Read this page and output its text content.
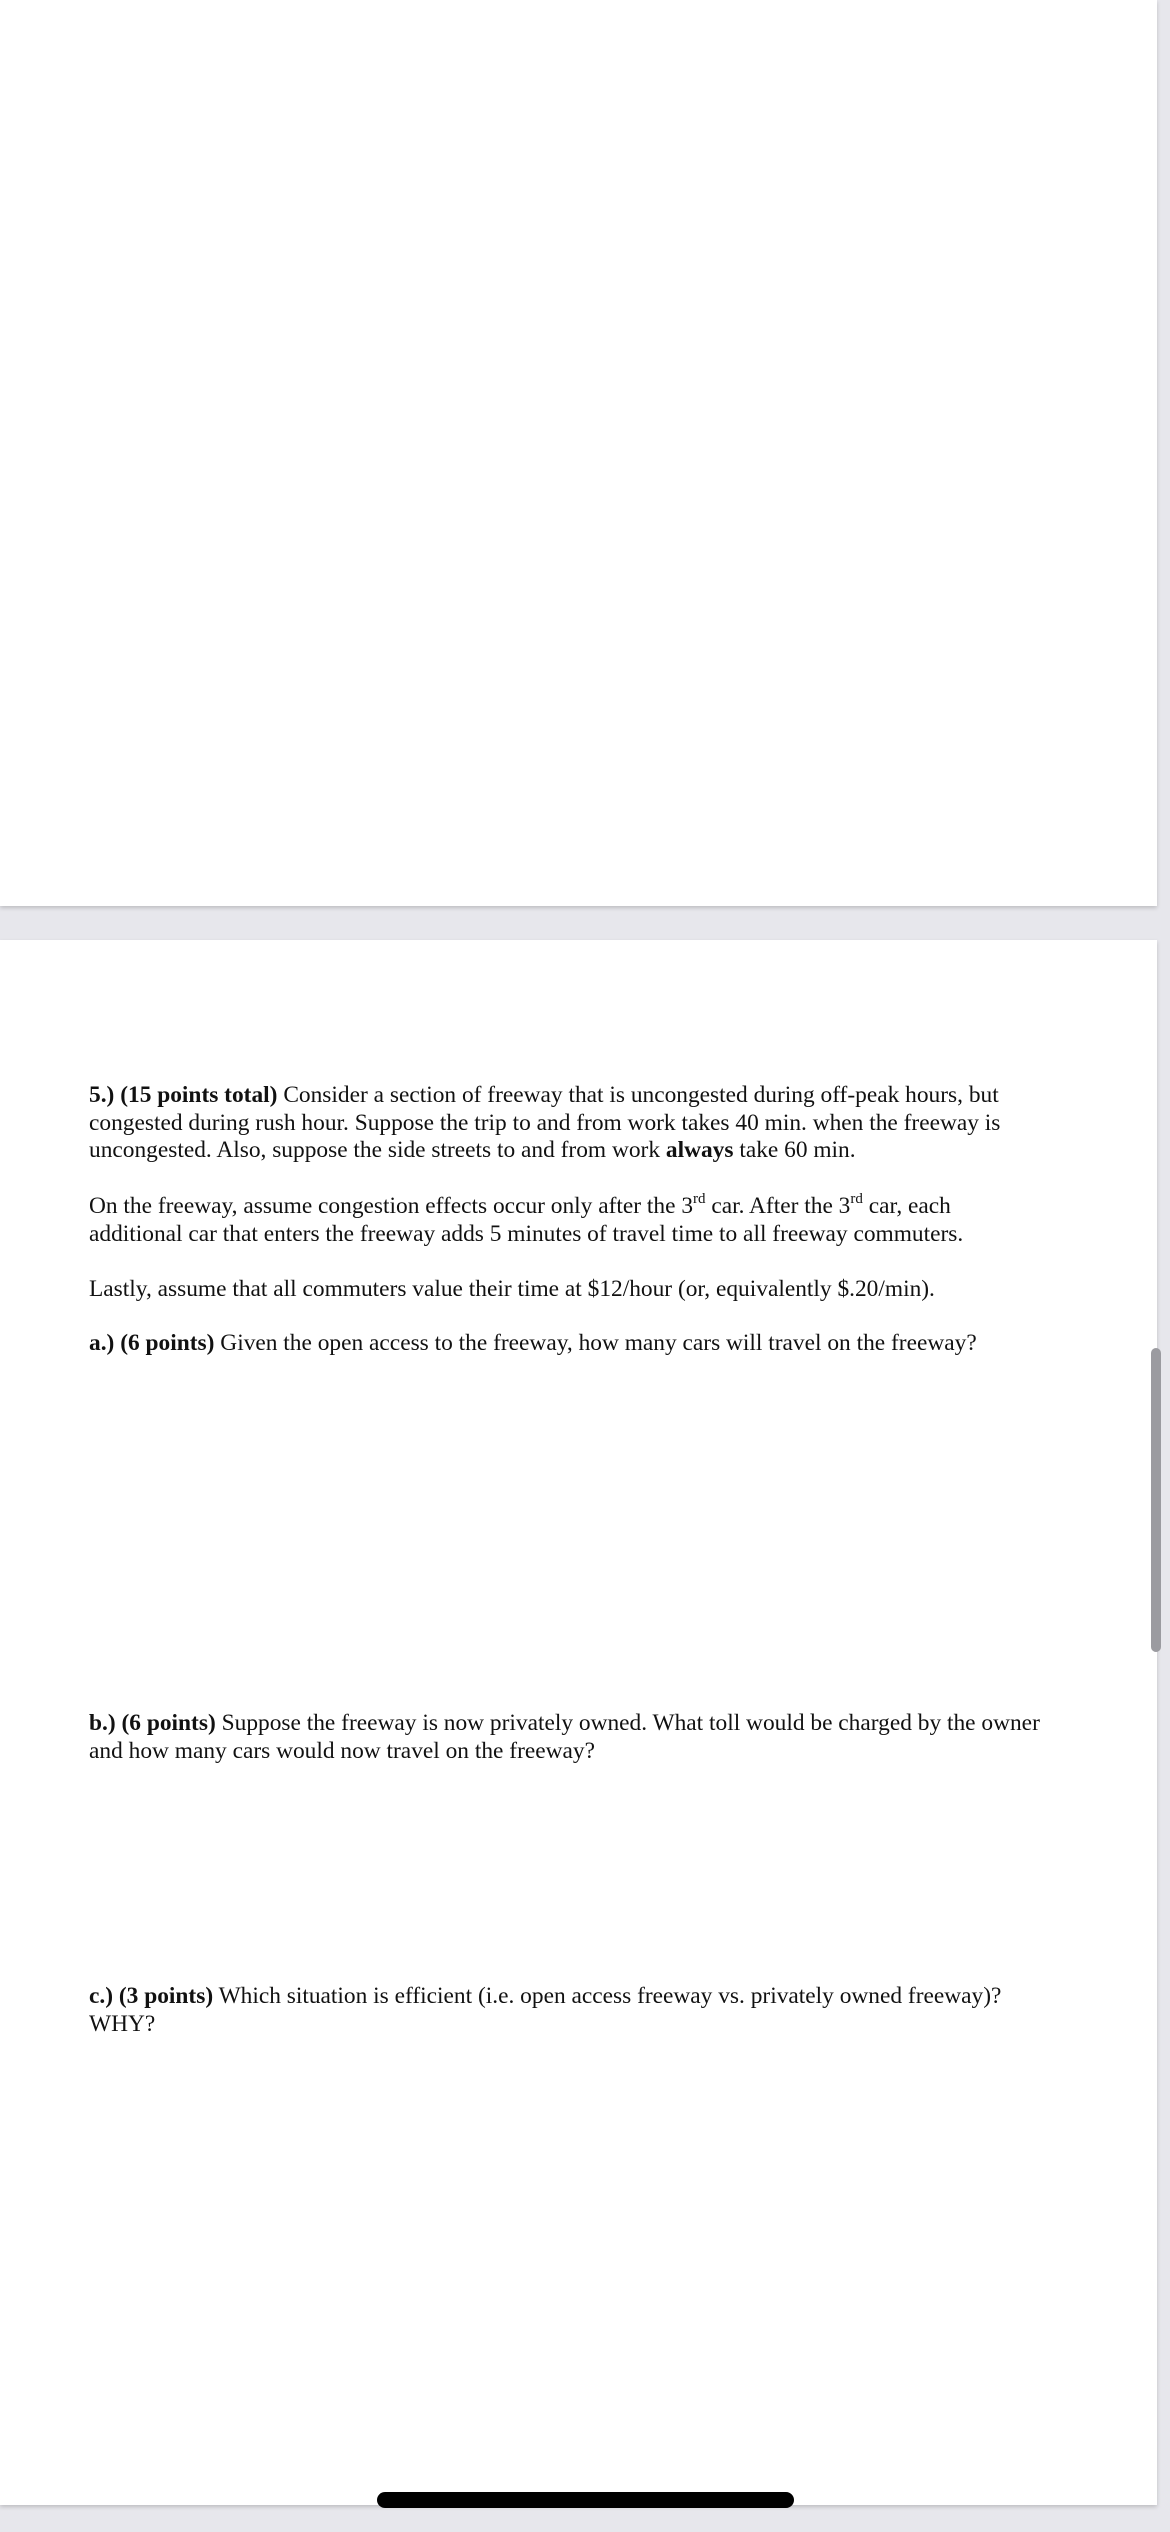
5.) (15 points total) Consider a section of freeway that is uncongested during off-peak hours, but congested during rush hour. Suppose the trip to and from work takes 40 min. when the freeway is uncongested. Also, suppose the side streets to and from work always take 60 min.
On the freeway, assume congestion effects occur only after the 3rd car. After the 3rd car, each additional car that enters the freeway adds 5 minutes of travel time to all freeway commuters.
Lastly, assume that all commuters value their time at $12/hour (or, equivalently $.20/min).
a.) (6 points) Given the open access to the freeway, how many cars will travel on the freeway?
b.) (6 points) Suppose the freeway is now privately owned. What toll would be charged by the owner and how many cars would now travel on the freeway?
c.) (3 points) Which situation is efficient (i.e. open access freeway vs. privately owned freeway)? WHY?
